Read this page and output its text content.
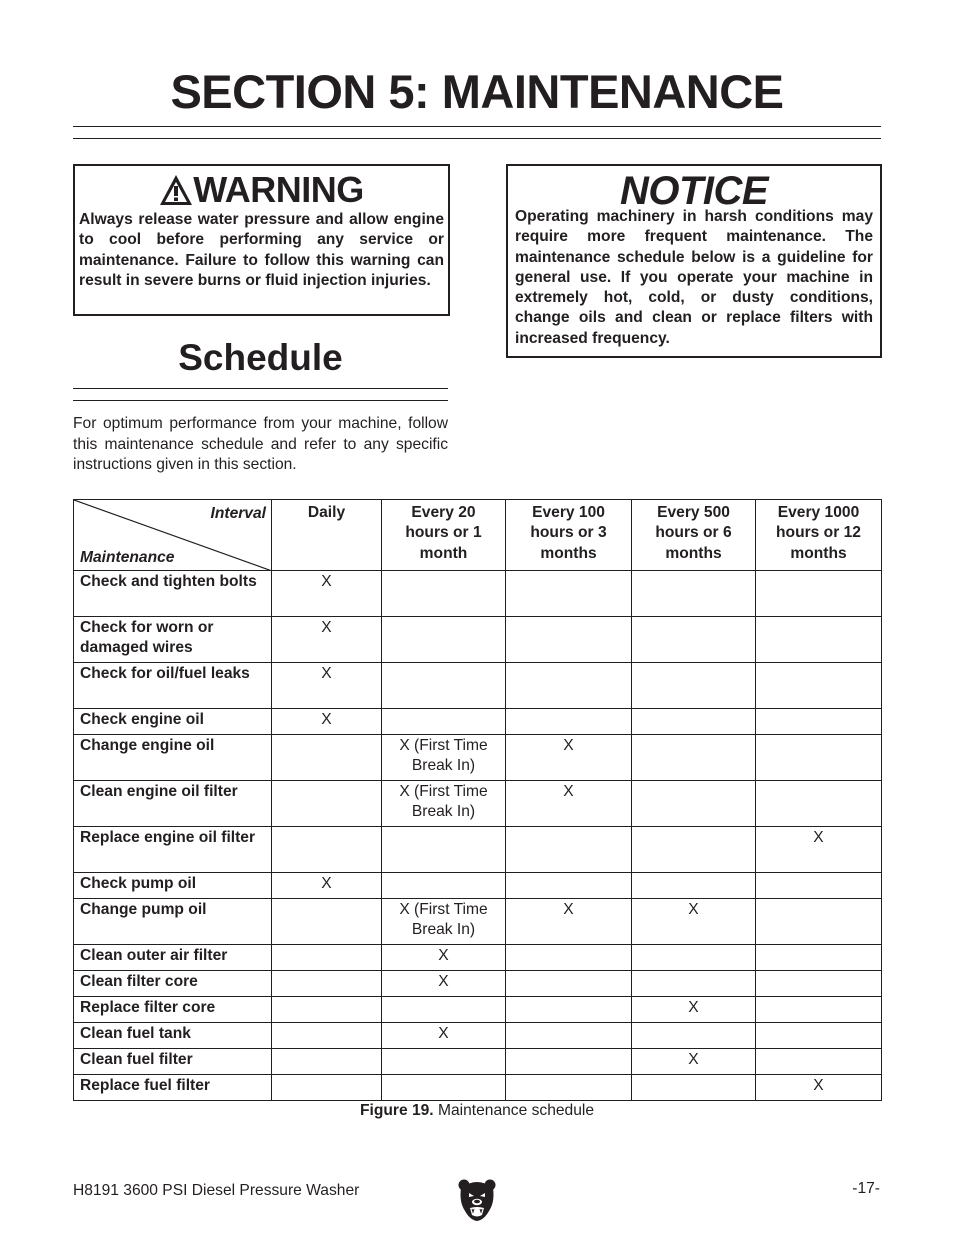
SECTION 5: MAINTENANCE
WARNING
Always release water pressure and allow engine to cool before performing any service or maintenance. Failure to follow this warning can result in severe burns or fluid injection injuries.
NOTICE
Operating machinery in harsh conditions may require more frequent maintenance. The maintenance schedule below is a guideline for general use. If you operate your machine in extremely hot, cold, or dusty conditions, change oils and clean or replace filters with increased frequency.
Schedule
For optimum performance from your machine, follow this maintenance schedule and refer to any specific instructions given in this section.
Interval
Maintenance	Daily	Every 20 hours or 1 month	Every 100 hours or 3 months	Every 500 hours or 6 months	Every 1000 hours or 12 months
Check and tighten bolts	X				
Check for worn or damaged wires	X				
Check for oil/fuel leaks	X				
Check engine oil	X				
Change engine oil		X (First Time Break In)	X		
Clean engine oil filter		X (First Time Break In)	X		
Replace engine oil filter					X
Check pump oil	X				
Change pump oil		X (First Time Break In)	X	X	
Clean outer air filter		X			
Clean filter core		X			
Replace filter core				X	
Clean fuel tank		X			
Clean fuel filter				X	
Replace fuel filter					X
Figure 19. Maintenance schedule
H8191 3600 PSI Diesel Pressure Washer	-17-
